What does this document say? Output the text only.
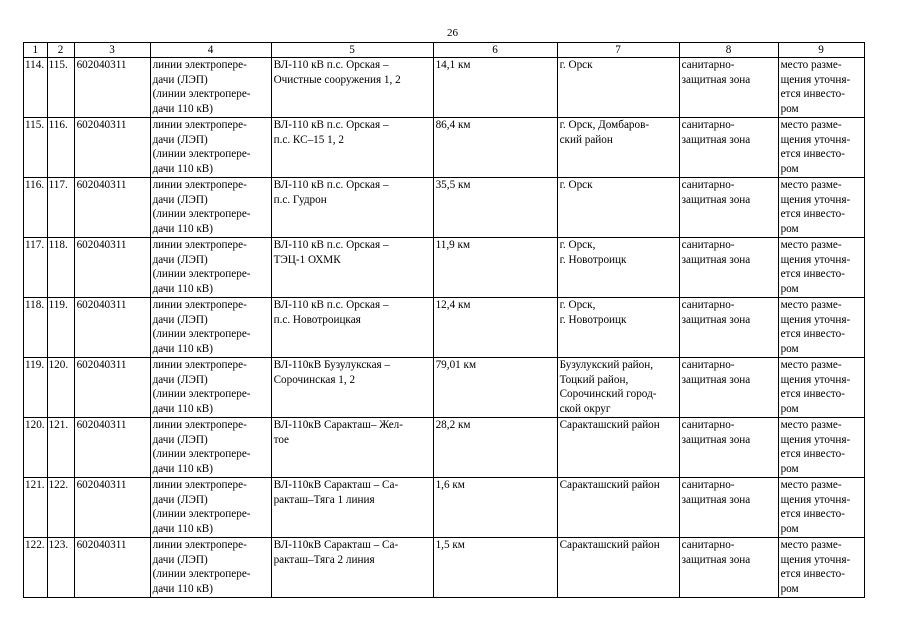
26
1	2	3	4	5	6	7	8	9
114.	115.	602040311	линии электропере-
дачи (ЛЭП)
(линии электропере-
дачи 110 кВ)	ВЛ-110 кВ п.с. Орская –
Очистные сооружения 1, 2	14,1 км	г. Орск	санитарно-
защитная зона	место разме-
щения уточня-
ется инвесто-
ром
115.	116.	602040311	линии электропере-
дачи (ЛЭП)
(линии электропере-
дачи 110 кВ)	ВЛ-110 кВ п.с. Орская –
п.с. КС–15 1, 2	86,4 км	г. Орск, Домбаров-
ский район	санитарно-
защитная зона	место разме-
щения уточня-
ется инвесто-
ром
116.	117.	602040311	линии электропере-
дачи (ЛЭП)
(линии электропере-
дачи 110 кВ)	ВЛ-110 кВ п.с. Орская –
п.с. Гудрон	35,5 км	г. Орск	санитарно-
защитная зона	место разме-
щения уточня-
ется инвесто-
ром
117.	118.	602040311	линии электропере-
дачи (ЛЭП)
(линии электропере-
дачи 110 кВ)	ВЛ-110 кВ п.с. Орская –
ТЭЦ-1 ОХМК	11,9 км	г. Орск,
г. Новотроицк	санитарно-
защитная зона	место разме-
щения уточня-
ется инвесто-
ром
118.	119.	602040311	линии электропере-
дачи (ЛЭП)
(линии электропере-
дачи 110 кВ)	ВЛ-110 кВ п.с. Орская –
п.с. Новотроицкая	12,4 км	г. Орск,
г. Новотроицк	санитарно-
защитная зона	место разме-
щения уточня-
ется инвесто-
ром
119.	120.	602040311	линии электропере-
дачи (ЛЭП)
(линии электропере-
дачи 110 кВ)	ВЛ-110кВ Бузулукская –
Сорочинская 1, 2	79,01 км	Бузулукский район,
Тоцкий район,
Сорочинский город-
ской округ	санитарно-
защитная зона	место разме-
щения уточня-
ется инвесто-
ром
120.	121.	602040311	линии электропере-
дачи (ЛЭП)
(линии электропере-
дачи 110 кВ)	ВЛ-110кВ Саракташ– Жел-
тое	28,2 км	Саракташский район	санитарно-
защитная зона	место разме-
щения уточня-
ется инвесто-
ром
121.	122.	602040311	линии электропере-
дачи (ЛЭП)
(линии электропере-
дачи 110 кВ)	ВЛ-110кВ Саракташ – Са-
ракташ–Тяга 1 линия	1,6 км	Саракташский район	санитарно-
защитная зона	место разме-
щения уточня-
ется инвесто-
ром
122.	123.	602040311	линии электропере-
дачи (ЛЭП)
(линии электропере-
дачи 110 кВ)	ВЛ-110кВ Саракташ – Са-
ракташ–Тяга 2 линия	1,5 км	Саракташский район	санитарно-
защитная зона	место разме-
щения уточня-
ется инвесто-
ром
